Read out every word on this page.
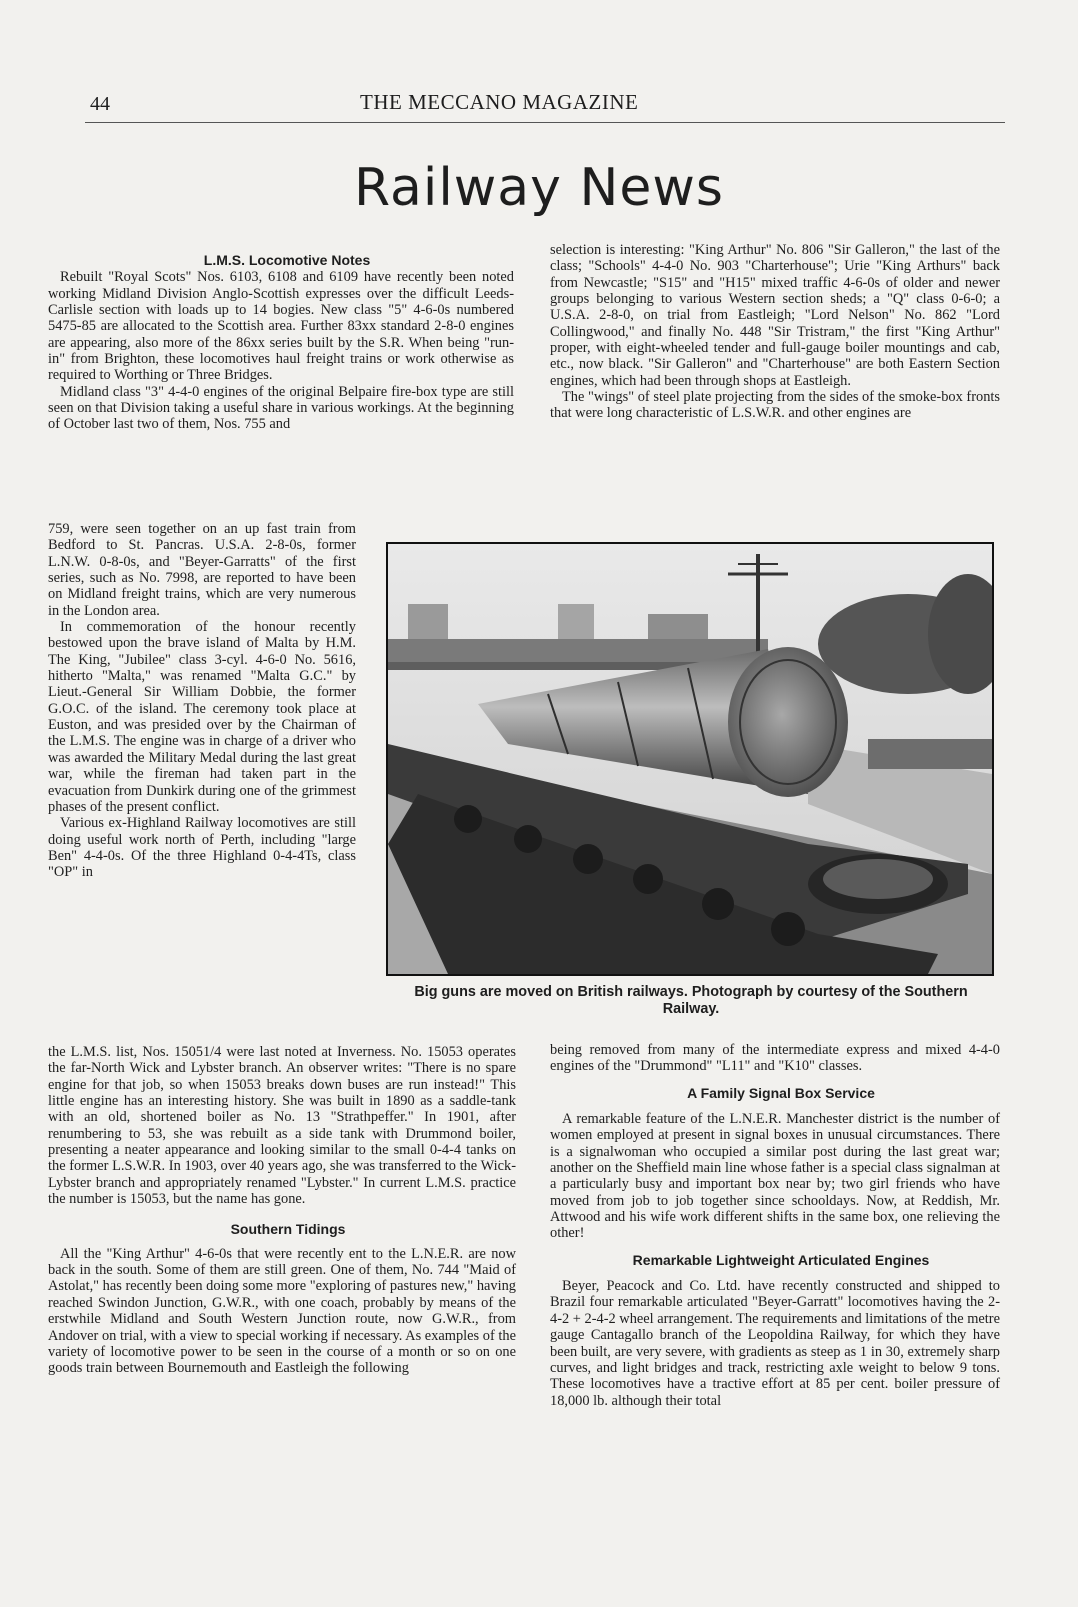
44	THE MECCANO MAGAZINE
Railway News

L.M.S. Locomotive Notes

Rebuilt "Royal Scots" Nos. 6103, 6108 and 6109 have recently been noted working Midland Division Anglo-Scottish expresses over the difficult Leeds-Carlisle section with loads up to 14 bogies. New class "5" 4-6-0s numbered 5475-85 are allocated to the Scottish area. Further 83xx standard 2-8-0 engines are appearing, also more of the 86xx series built by the S.R. When being "run-in" from Brighton, these locomotives haul freight trains or work otherwise as required to Worthing or Three Bridges.

Midland class "3" 4-4-0 engines of the original Belpaire fire-box type are still seen on that Division taking a useful share in various workings. At the beginning of October last two of them, Nos. 755 and

759, were seen together on an up fast train from Bedford to St. Pancras. U.S.A. 2-8-0s, former L.N.W. 0-8-0s, and "Beyer-Garratts" of the first series, such as No. 7998, are reported to have been on Midland freight trains, which are very numerous in the London area.

In commemoration of the honour recently bestowed upon the brave island of Malta by H.M. The King, "Jubilee" class 3-cyl. 4-6-0 No. 5616, hitherto "Malta," was renamed "Malta G.C." by Lieut.-General Sir William Dobbie, the former G.O.C. of the island. The ceremony took place at Euston, and was presided over by the Chairman of the L.M.S. The engine was in charge of a driver who was awarded the Military Medal during the last great war, while the fireman had taken part in the evacuation from Dunkirk during one of the grimmest phases of the present conflict.

Various ex-Highland Railway locomotives are still doing useful work north of Perth, including "large Ben" 4-4-0s. Of the three Highland 0-4-4Ts, class "OP" in

the L.M.S. list, Nos. 15051/4 were last noted at Inverness. No. 15053 operates the far-North Wick and Lybster branch. An observer writes: "There is no spare engine for that job, so when 15053 breaks down buses are run instead!" This little engine has an interesting history. She was built in 1890 as a saddle-tank with an old, shortened boiler as No. 13 "Strathpeffer." In 1901, after renumbering to 53, she was rebuilt as a side tank with Drummond boiler, presenting a neater appearance and looking similar to the small 0-4-4 tanks on the former L.S.W.R. In 1903, over 40 years ago, she was transferred to the Wick-Lybster branch and appropriately renamed "Lybster." In current L.M.S. practice the number is 15053, but the name has gone.

Southern Tidings

All the "King Arthur" 4-6-0s that were recently ent to the L.N.E.R. are now back in the south. Some of them are still green. One of them, No. 744 "Maid of Astolat," has recently been doing some more "exploring of pastures new," having reached Swindon Junction, G.W.R., with one coach, probably by means of the erstwhile Midland and South Western Junction route, now G.W.R., from Andover on trial, with a view to special working if necessary. As examples of the variety of locomotive power to be seen in the course of a month or so on one goods train between Bournemouth and Eastleigh the following

selection is interesting: "King Arthur" No. 806 "Sir Galleron," the last of the class; "Schools" 4-4-0 No. 903 "Charterhouse"; Urie "King Arthurs" back from Newcastle; "S15" and "H15" mixed traffic 4-6-0s of older and newer groups belonging to various Western section sheds; a "Q" class 0-6-0; a U.S.A. 2-8-0, on trial from Eastleigh; "Lord Nelson" No. 862 "Lord Collingwood," and finally No. 448 "Sir Tristram," the first "King Arthur" proper, with eight-wheeled tender and full-gauge boiler mountings and cab, etc., now black. "Sir Galleron" and "Charterhouse" are both Eastern Section engines, which had been through shops at Eastleigh.

The "wings" of steel plate projecting from the sides of the smoke-box fronts that were long characteristic of L.S.W.R. and other engines are

Big guns are moved on British railways. Photograph by courtesy of the Southern Railway.

being removed from many of the intermediate express and mixed 4-4-0 engines of the "Drummond" "L11" and "K10" classes.

A Family Signal Box Service

A remarkable feature of the L.N.E.R. Manchester district is the number of women employed at present in signal boxes in unusual circumstances. There is a signalwoman who occupied a similar post during the last great war; another on the Sheffield main line whose father is a special class signalman at a particularly busy and important box near by; two girl friends who have moved from job to job together since schooldays. Now, at Reddish, Mr. Attwood and his wife work different shifts in the same box, one relieving the other!

Remarkable Lightweight Articulated Engines

Beyer, Peacock and Co. Ltd. have recently constructed and shipped to Brazil four remarkable articulated "Beyer-Garratt" locomotives having the 2-4-2 + 2-4-2 wheel arrangement. The requirements and limitations of the metre gauge Cantagallo branch of the Leopoldina Railway, for which they have been built, are very severe, with gradients as steep as 1 in 30, extremely sharp curves, and light bridges and track, restricting axle weight to below 9 tons. These locomotives have a tractive effort at 85 per cent. boiler pressure of 18,000 lb. although their total
